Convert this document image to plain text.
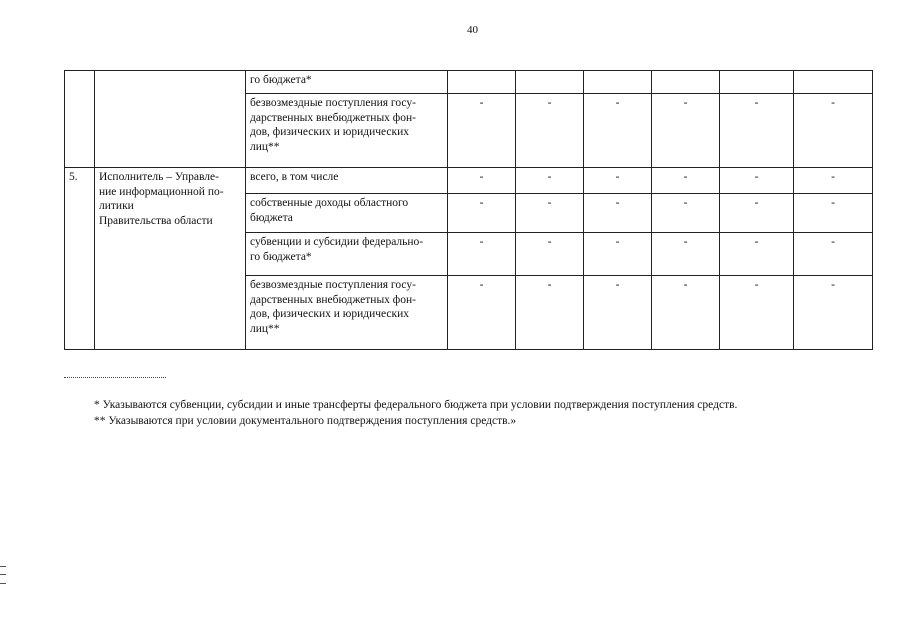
40
		го бюджета*						

		безвозмездные поступления госу-
дарственных внебюджетных фон-
дов, физических и юридических
лиц**	-	-	-	-	-	-
5.	Исполнитель – Управле-
ние информационной по-
литики
Правительства области	всего, в том числе	-	-	-	-	-	-

		собственные доходы областного
бюджета	-	-	-	-	-	-

		субвенции и субсидии федерально-
го бюджета*	-	-	-	-	-	-

		безвозмездные поступления госу-
дарственных внебюджетных фон-
дов, физических и юридических
лиц**	-	-	-	-	-	-
* Указываются субвенции, субсидии и иные трансферты федерального бюджета при условии подтверждения поступления средств.
** Указываются при условии документального подтверждения поступления средств.»
